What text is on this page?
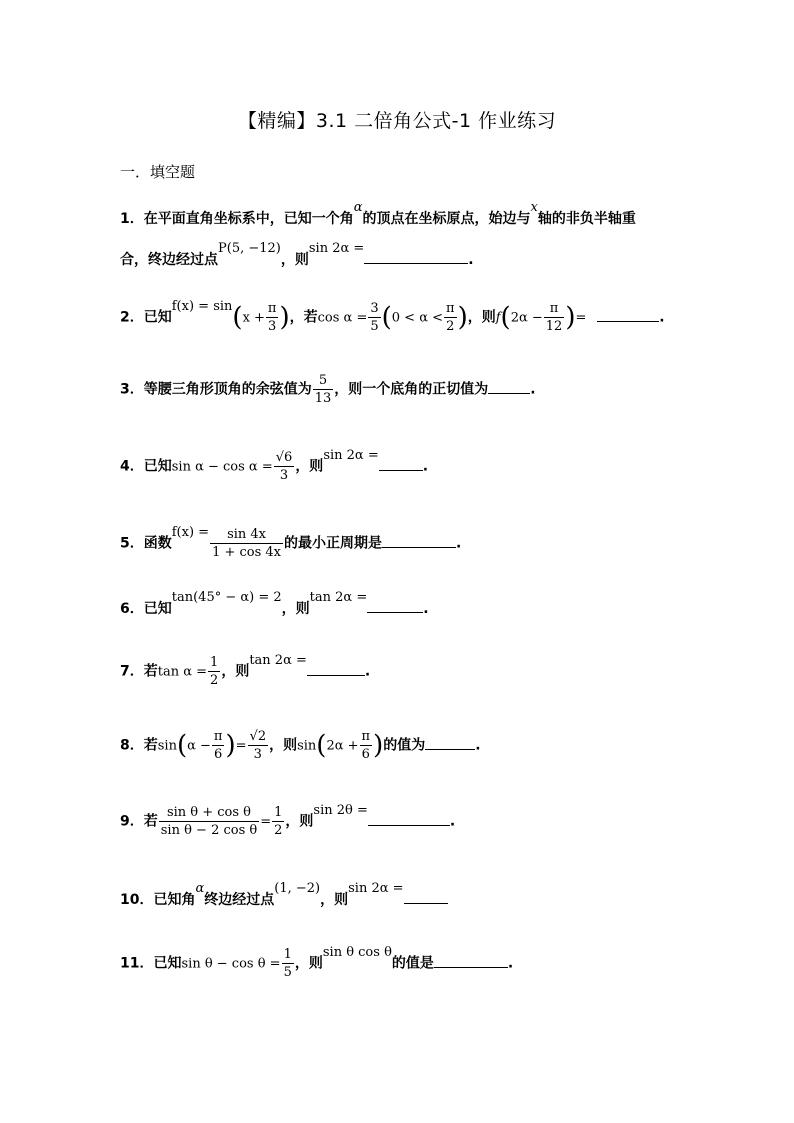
【精编】3.1 二倍角公式-1 作业练习
一．填空题
1．在平面直角坐标系中，已知一个角α的顶点在坐标原点，始边与x轴的非负半轴重
合，终边经过点P(5, −12)，则sin 2α =.
2．已知$f(x) = \sin(x + \frac{\pi}{3}$ )，若$\cos \alpha = \frac{3}{5} (0 < \alpha < \frac{\pi}{2}$ )，则$f(2\alpha - \frac{\pi}{12}$ )=	.
3．等腰三角形顶角的余弦值为 $\frac{5}{13}$ ，则一个底角的正切值为	.
4．已知$\sin \alpha - \cos \alpha = \frac{√6}{3}$ ，则sin 2α =.
5．函数$f(x) = \frac{\sin 4x}{1 + \cos 4x}$ 的最小正周期是	.
6．已知tan(45° − α) = 2，则tan 2α =.
7．若$\tan \alpha = \frac{1}{2}$ ，则tan 2α =.
8．若$\sin(\alpha - \frac{\pi}{6}$ )= $\frac{√2}{3}$ ，则$\sin(2\alpha + \frac{\pi}{6}$ )的值为	.
9．若 $\frac{\text{sin θ + cos θ}}{\text{sin θ − 2 cos θ}} = \frac{1}{2}$ ，则sin 2θ =.
10．已知角α终边经过点(1, −2)，则sin 2α =
11．已知$\sin \theta - \cos \theta = \frac{1}{5}$ ，则sin θ cos θ的值是	.
